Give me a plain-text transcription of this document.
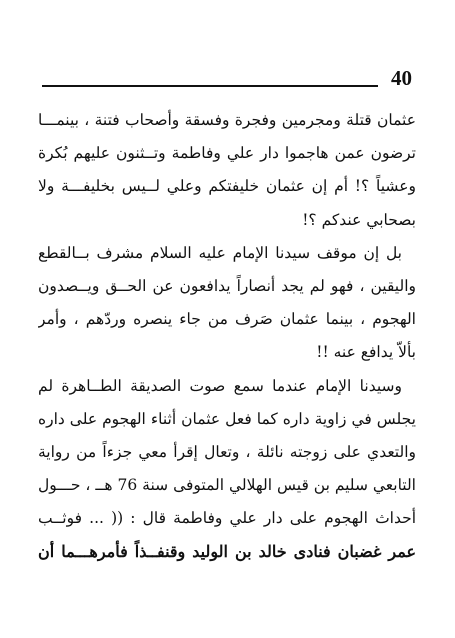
40
عثمان قتلة ومجرمين وفجرة وفسقة وأصحاب فتنة ، بينمـــا
ترضون عمن هاجموا دار علي وفاطمة وتــثنون عليهم بُكرة
وعشياً ؟! أم إن عثمان خليفتكم وعلي لــيس بخليفـــة ولا
بصحابي عندكم ؟!
بل إن موقف سيدنا الإمام عليه السلام مشرف بــالقطع
واليقين ، فهو لم يجد أنصاراً يدافعون عن الحــق ويــصدون
الهجوم ، بينما عثمان صَرف من جاء ينصره وردّهم ، وأمر
بألاّ يدافع عنه !!
وسيدنا الإمام عندما سمع صوت الصديقة الطــاهرة لم
يجلس في زاوية داره كما فعل عثمان أثناء الهجوم على داره
والتعدي على زوجته نائلة ، وتعال إقرأ معي جزءاً من رواية
التابعي سليم بن قيس الهلالي المتوفى سنة 76 هــ ، حـــول
أحداث الهجوم على دار علي وفاطمة قال : (( ... فوثــب
عمر غضبان فنادى خالد بن الوليد وقنفــذاً فأمرهـــما أن
